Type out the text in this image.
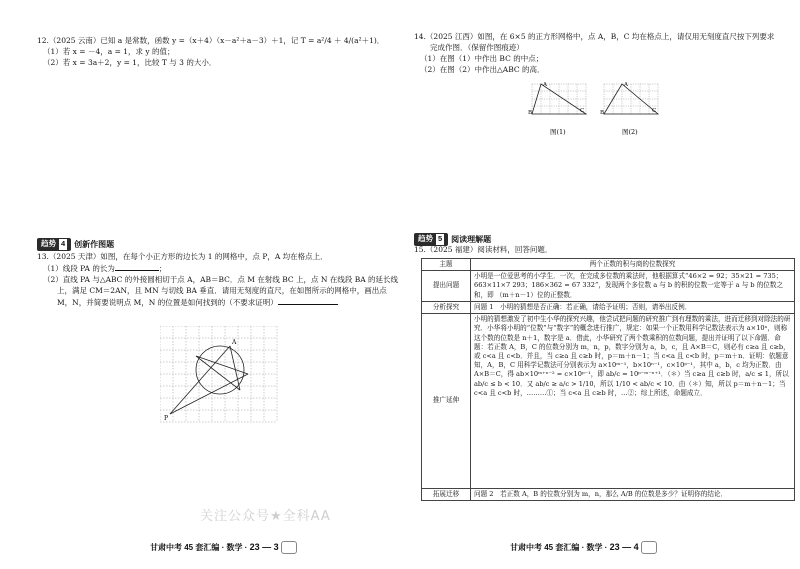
12.（2025 云南）已知 a 是常数，函数 y =（x＋4）（x－a²＋a－3）＋1，记 T = a²/4 ＋ 4/(a²＋1)．
（1）若 x = －4，a = 1，求 y 的值；
（2）若 x = 3a＋2，y = 1，比较 T 与 3 的大小．
趋势 4 创新作图题
13.（2025 天津）如图，在每个小正方形的边长为 1 的网格中，点 P，A 均在格点上．
（1）线段 PA 的长为	；
（2）直线 PA 与△ABC 的外接圆相切于点 A，AB＝BC．点 M 在射线 BC 上，点 N 在线段 BA 的延长线
上，满足 CM＝2AN，且 MN 与切线 BA 垂直．请用无刻度的直尺，在如图所示的网格中，画出点
M，N，并简要说明点 M，N 的位置是如何找到的（不要求证明）
A
P
甘肃中考 45 套汇编 · 数学 · 23 — 3
14.（2025 江西）如图，在 6×5 的正方形网格中，点 A，B，C 均在格点上，请仅用无刻度直尺按下列要求
完成作图．（保留作图痕迹）
（1）在图（1）中作出 BC 的中点；
（2）在图（2）中作出△ABC 的高．
A
B	C
图(1)
A
B	C
图(2)
趋势 5 阅读理解题
15.（2025 福建）阅读材料，回答问题．
主题	两个正数的积与商的位数探究
提出问题	小明是一位爱思考的小学生．一次，在完成多位数的乘法时，他根据算式“46×2 = 92；35×21 = 735；663×11×7 293；186×362 = 67 332”，发现两个多位数 a 与 b 的积的位数一定等于 a 与 b 的位数之和，即 （m＋n－1）位的正整数．
分析探究	问题 1　小明的猜想是否正确：若正确，请给予证明；否则，请举出反例．
推广延伸	小明的猜想激发了初中生小华的探究兴趣，他尝试把问题的研究推广到有理数的乘法，进而迁移到对除法的研究．小华将小明的“位数”与“数字”的概念进行推广，规定：如果一个正数用科学记数法表示为 a×10ⁿ，则称这个数的位数是 n＋1，数字是 a．借此，小华研究了两个数乘积的位数问题，提出并证明了以下命题．命题：若正数 A，B，C 的位数分别为 m，n，p，数字分别为 a，b，c，且 A×B＝C，则必有 c≥a 且 c≥b，或 c<a 且 c<b．并且，当 c≥a 且 c≥b 时，p＝m＋n－1；当 c<a 且 c<b 时，p＝m＋n．证明：依题意知，A，B，C 用科学记数法可分别表示为 a×10ᵐ⁻¹，b×10ⁿ⁻¹，c×10ᵖ⁻¹，其中 a，b，c 均为正数．由 A×B＝C，得 ab×10ᵐ⁺ⁿ⁻² = c×10ᵖ⁻¹，即 ab/c = 10ᵖ⁻ᵐ⁻ⁿ⁺¹．（＊）当 c≥a 且 c≥b 时，a/c ≤ 1，所以 ab/c ≤ b < 10．又 ab/c ≥ a/c > 1/10，所以 1/10 < ab/c < 10．由（＊）知，所以 p＝m＋n－1；当 c<a 且 c<b 时，………①；当 c<a 且 c≥b 时，…②；综上所述，命题成立．
拓展迁移	问题 2　若正数 A，B 的位数分别为 m，n，那么 A/B 的位数是多少？证明你的结论．
甘肃中考 45 套汇编 · 数学 · 23 — 4
关注公众号★全科AA
